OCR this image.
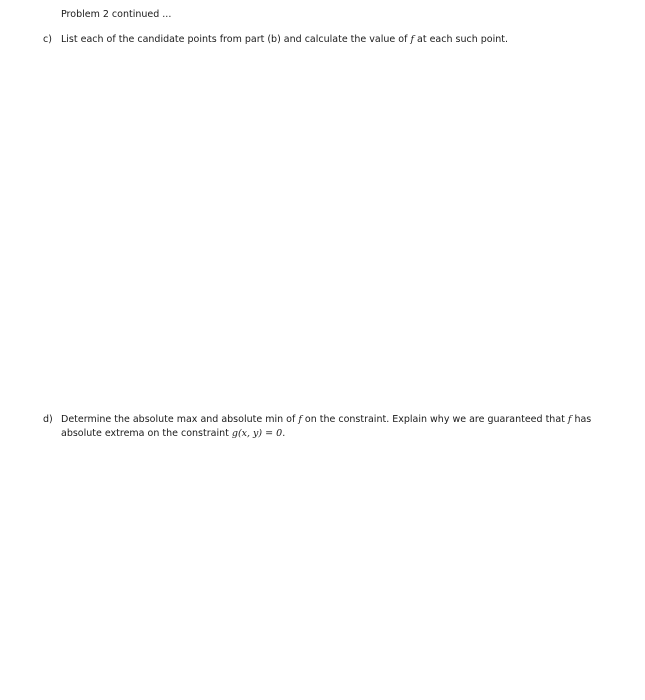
Problem 2 continued ...
c) List each of the candidate points from part (b) and calculate the value of f at each such point.
d) Determine the absolute max and absolute min of f on the constraint. Explain why we are guaranteed that f has absolute extrema on the constraint g(x, y) = 0.
